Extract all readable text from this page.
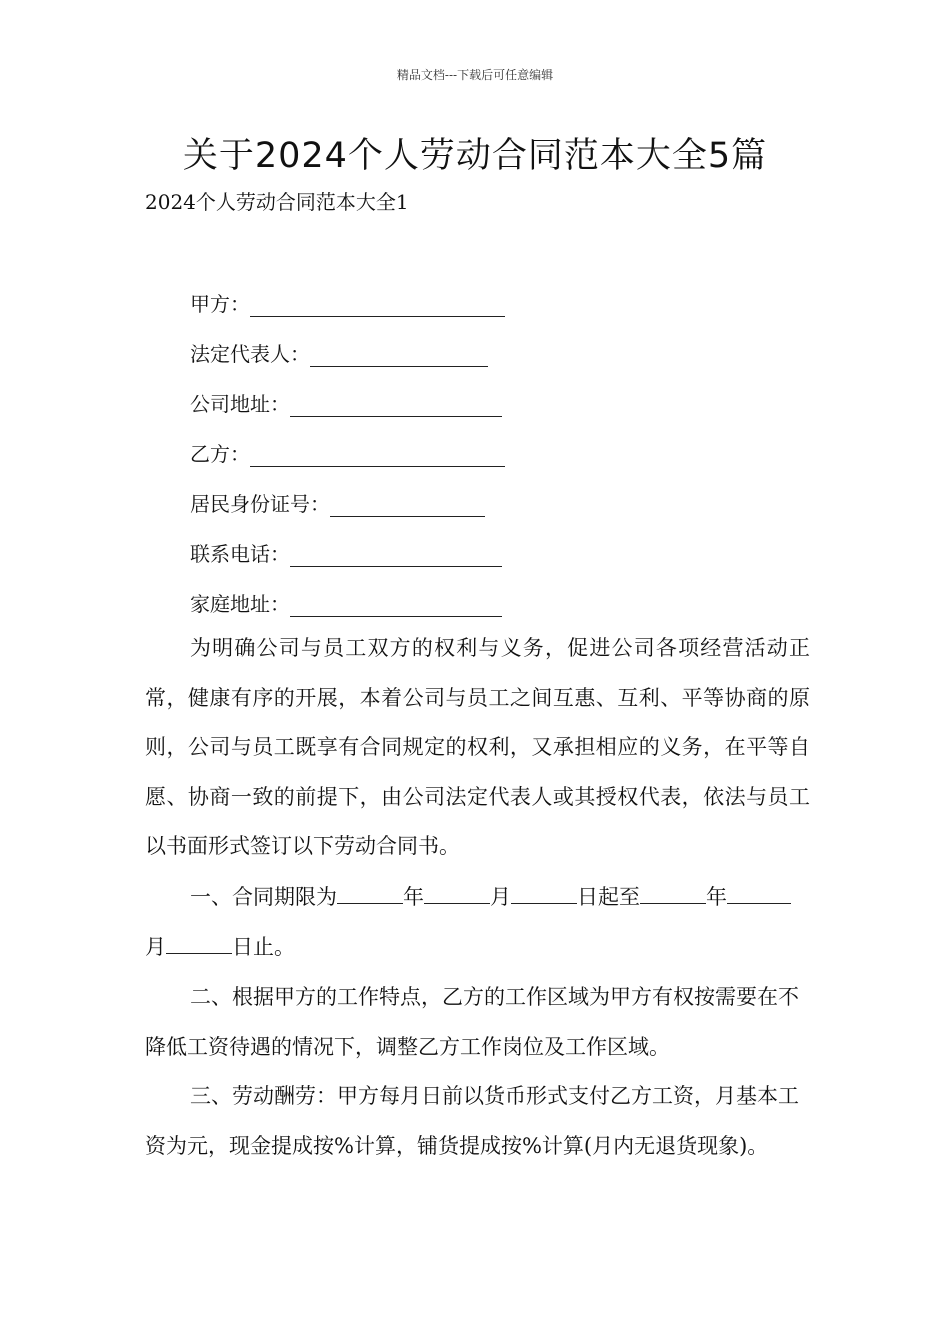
精品文档---下载后可任意编辑
关于2024个人劳动合同范本大全5篇
2024个人劳动合同范本大全1
甲方：
法定代表人：
公司地址：
乙方：
居民身份证号：
联系电话：
家庭地址：

为明确公司与员工双方的权利与义务，促进公司各项经营活动正常，健康有序的开展，本着公司与员工之间互惠、互利、平等协商的原则，公司与员工既享有合同规定的权利，又承担相应的义务，在平等自愿、协商一致的前提下，由公司法定代表人或其授权代表，依法与员工以书面形式签订以下劳动合同书。

一、合同期限为	年	月	日起至	年月	日止。

二、根据甲方的工作特点，乙方的工作区域为甲方有权按需要在不降低工资待遇的情况下，调整乙方工作岗位及工作区域。

三、劳动酬劳：甲方每月日前以货币形式支付乙方工资，月基本工资为元，现金提成按%计算，铺货提成按%计算(月内无退货现象)。
